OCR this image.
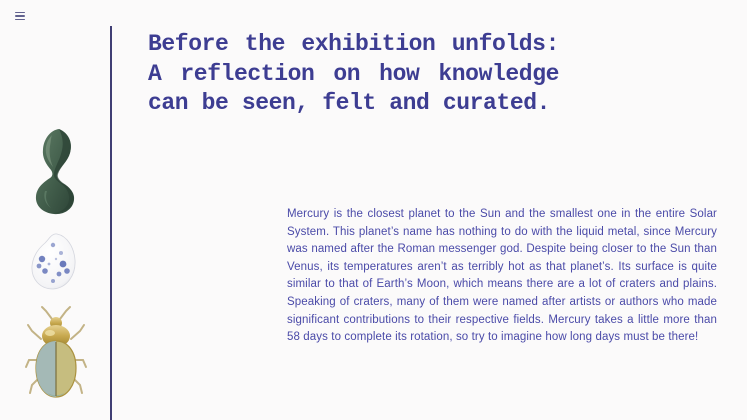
Before the exhibition unfolds:
A reflection on how knowledge
can be seen, felt and curated.

Mercury is the closest planet to the Sun and the smallest one in the entire Solar System. This planet’s name has nothing to do with the liquid metal, since Mercury was named after the Roman messenger god. Despite being closer to the Sun than Venus, its temperatures aren’t as terribly hot as that planet’s. Its surface is quite similar to that of Earth’s Moon, which means there are a lot of craters and plains. Speaking of craters, many of them were named after artists or authors who made significant contributions to their respective fields. Mercury takes a little more than 58 days to complete its rotation, so try to imagine how long days must be there!
